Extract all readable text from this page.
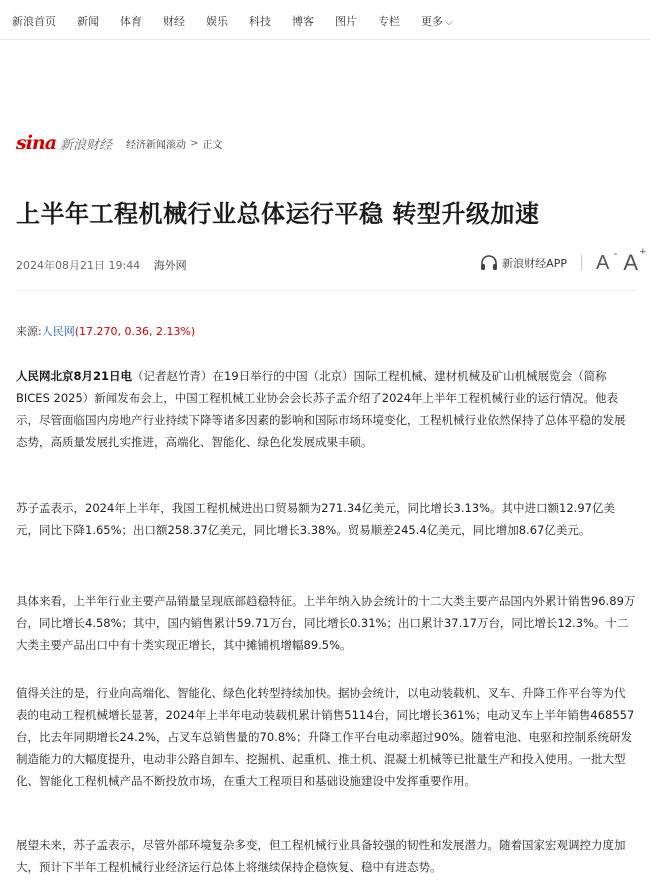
新浪首页 新闻 体育 财经 娱乐 科技 博客 图片 专栏 更多 ⌵
sina 新浪财经 经济新闻滚动 > 正文
上半年工程机械行业总体运行平稳 转型升级加速
2024年08月21日 19:44 海外网	新浪财经APP A - A +
来源:人民网(17.270, 0.36, 2.13%)

人民网北京8月21日电（记者赵竹青）在19日举行的中国（北京）国际工程机械、建材机械及矿山机械展览会（简称BICES 2025）新闻发布会上，中国工程机械工业协会会长苏子孟介绍了2024年上半年工程机械行业的运行情况。他表示，尽管面临国内房地产行业持续下降等诸多因素的影响和国际市场环境变化，工程机械行业依然保持了总体平稳的发展态势，高质量发展扎实推进，高端化、智能化、绿色化发展成果丰硕。

苏子孟表示，2024年上半年，我国工程机械进出口贸易额为271.34亿美元，同比增长3.13%。其中进口额12.97亿美元，同比下降1.65%；出口额258.37亿美元，同比增长3.38%。贸易顺差245.4亿美元，同比增加8.67亿美元。

具体来看，上半年行业主要产品销量呈现底部趋稳特征。上半年纳入协会统计的十二大类主要产品国内外累计销售96.89万台，同比增长4.58%；其中，国内销售累计59.71万台，同比增长0.31%；出口累计37.17万台，同比增长12.3%。十二大类主要产品出口中有十类实现正增长，其中摊铺机增幅89.5%。

值得关注的是，行业向高端化、智能化、绿色化转型持续加快。据协会统计，以电动装载机、叉车、升降工作平台等为代表的电动工程机械增长显著，2024年上半年电动装载机累计销售5114台，同比增长361%；电动叉车上半年销售468557台，比去年同期增长24.2%，占叉车总销售量的70.8%；升降工作平台电动率超过90%。随着电池、电驱和控制系统研发制造能力的大幅度提升，电动非公路自卸车、挖掘机、起重机、推土机、混凝土机械等已批量生产和投入使用。一批大型化、智能化工程机械产品不断投放市场，在重大工程项目和基础设施建设中发挥重要作用。

展望未来，苏子孟表示，尽管外部环境复杂多变，但工程机械行业具备较强的韧性和发展潜力。随着国家宏观调控力度加大，预计下半年工程机械行业经济运行总体上将继续保持企稳恢复、稳中有进态势。
